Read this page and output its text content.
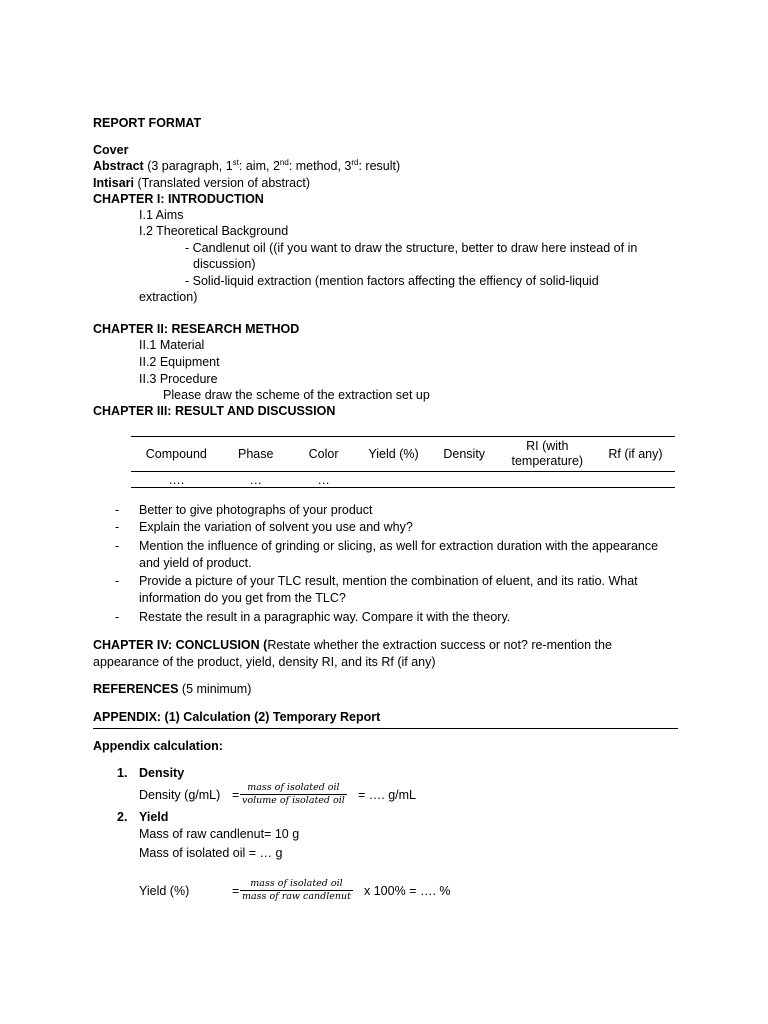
REPORT FORMAT
Cover
Abstract (3 paragraph, 1st: aim, 2nd: method, 3rd: result)
Intisari (Translated version of abstract)
CHAPTER I: INTRODUCTION
I.1 Aims
I.2 Theoretical Background
- Candlenut oil ((if you want to draw the structure, better to draw here instead of in
discussion)
- Solid-liquid extraction (mention factors affecting the effiency of solid-liquid
extraction)
CHAPTER II: RESEARCH METHOD
II.1 Material
II.2 Equipment
II.3 Procedure
Please draw the scheme of the extraction set up
CHAPTER III: RESULT AND DISCUSSION
Compound	Phase	Color	Yield (%)	Density	RI (with temperature)	Rf (if any)
….	…	…				
- Better to give photographs of your product
- Explain the variation of solvent you use and why?
- Mention the influence of grinding or slicing, as well for extraction duration with the appearance and yield of product.
- Provide a picture of your TLC result, mention the combination of eluent, and its ratio. What information do you get from the TLC?
- Restate the result in a paragraphic way. Compare it with the theory.
CHAPTER IV: CONCLUSION (Restate whether the extraction success or not? re-mention the appearance of the product, yield, density RI, and its Rf (if any)
REFERENCES (5 minimum)
APPENDIX: (1) Calculation (2) Temporary Report
Appendix calculation:
1. Density
Density (g/mL) =
mass of isolated oil
volume of isolated oil = …. g/mL
2. Yield
Mass of raw candlenut= 10 g
Mass of isolated oil = … g
Yield (%)	=
mass of isolated oil
mass of raw candlenut x 100% = …. %
